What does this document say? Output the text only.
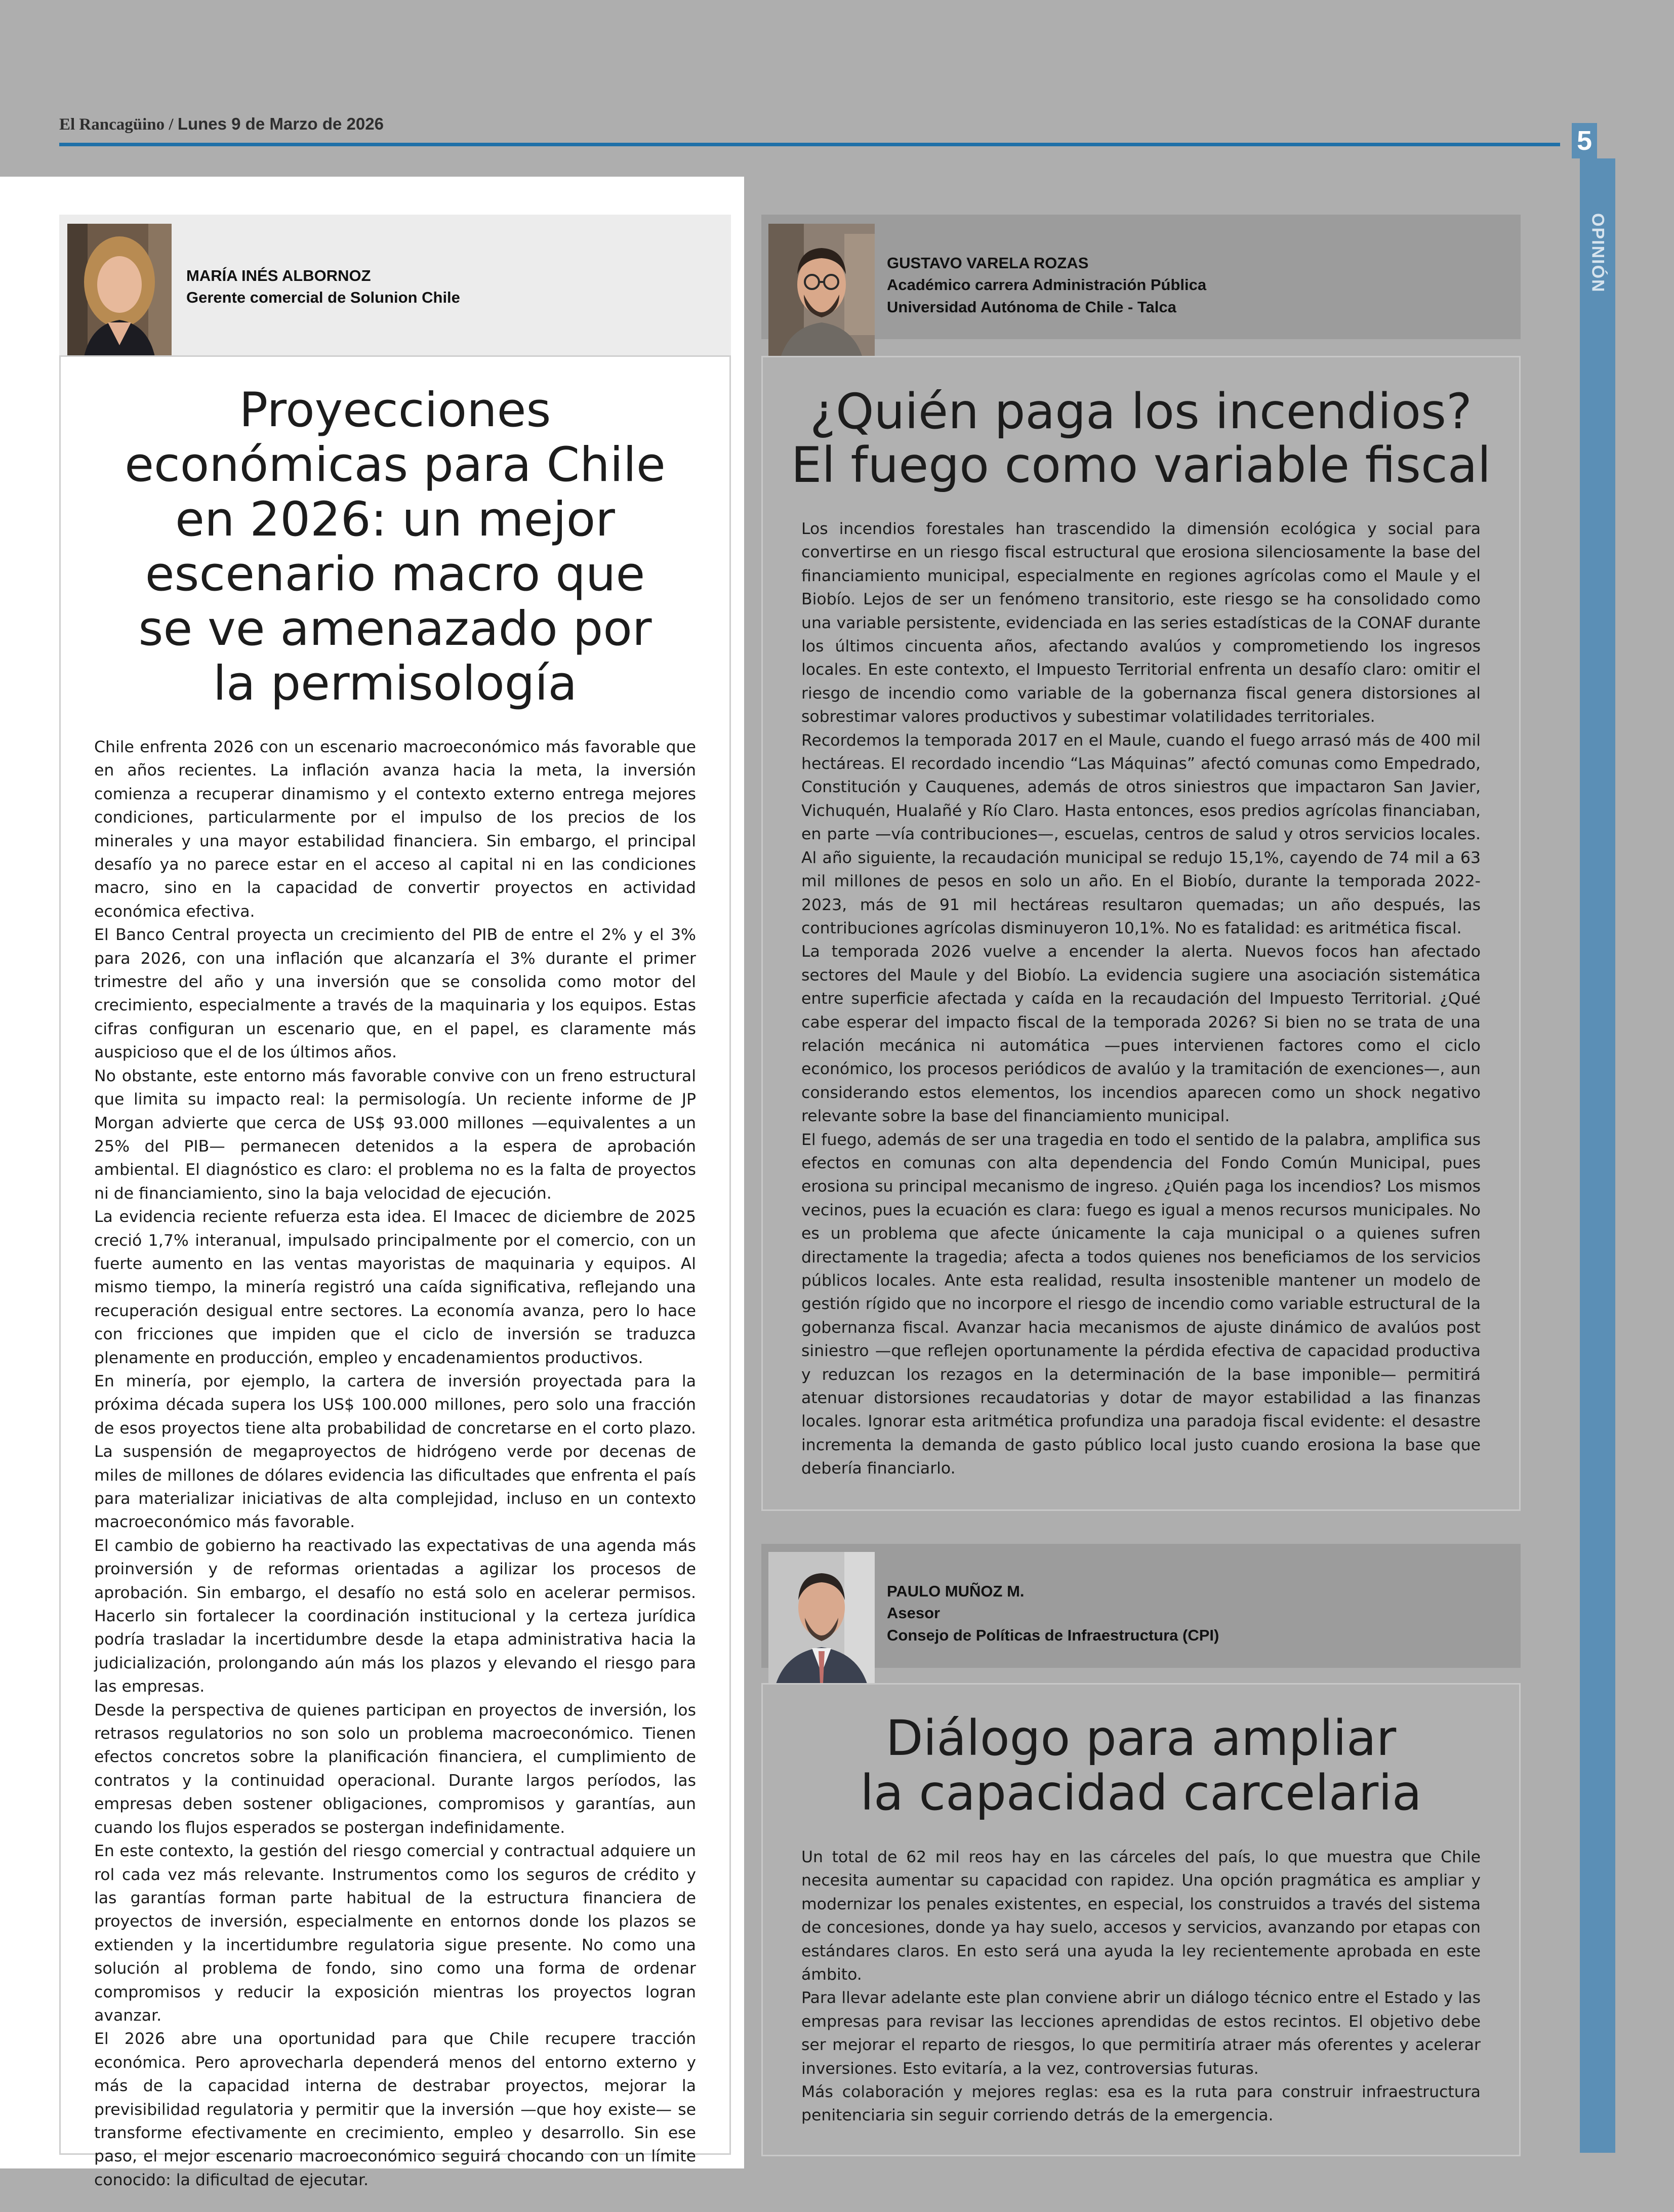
El Rancagüino / Lunes 9 de Marzo de 2026
5
OPINIÓN
MARÍA INÉS ALBORNOZ
Gerente comercial de Solunion Chile
Proyecciones
económicas para Chile
en 2026: un mejor
escenario macro que
se ve amenazado por
la permisología

Chile enfrenta 2026 con un escenario macroeconómico más favorable que en años recientes. La inflación avanza hacia la meta, la inversión comienza a recuperar dinamismo y el contexto externo entrega mejores condiciones, particularmente por el impulso de los precios de los minerales y una mayor estabilidad financiera. Sin embargo, el principal desafío ya no parece estar en el acceso al capital ni en las condiciones macro, sino en la capacidad de convertir proyectos en actividad económica efectiva.

El Banco Central proyecta un crecimiento del PIB de entre el 2% y el 3% para 2026, con una inflación que alcanzaría el 3% durante el primer trimestre del año y una inversión que se consolida como motor del crecimiento, especialmente a través de la maquinaria y los equipos. Estas cifras configuran un escenario que, en el papel, es claramente más auspicioso que el de los últimos años.

No obstante, este entorno más favorable convive con un freno estructural que limita su impacto real: la permisología. Un reciente informe de JP Morgan advierte que cerca de US$ 93.000 millones —equivalentes a un 25% del PIB— permanecen detenidos a la espera de aprobación ambiental. El diagnóstico es claro: el problema no es la falta de proyectos ni de financiamiento, sino la baja velocidad de ejecución.

La evidencia reciente refuerza esta idea. El Imacec de diciembre de 2025 creció 1,7% interanual, impulsado principalmente por el comercio, con un fuerte aumento en las ventas mayoristas de maquinaria y equipos. Al mismo tiempo, la minería registró una caída significativa, reflejando una recuperación desigual entre sectores. La economía avanza, pero lo hace con fricciones que impiden que el ciclo de inversión se traduzca plenamente en producción, empleo y encadenamientos productivos.

En minería, por ejemplo, la cartera de inversión proyectada para la próxima década supera los US$ 100.000 millones, pero solo una fracción de esos proyectos tiene alta probabilidad de concretarse en el corto plazo. La suspensión de megaproyectos de hidrógeno verde por decenas de miles de millones de dólares evidencia las dificultades que enfrenta el país para materializar iniciativas de alta complejidad, incluso en un contexto macroeconómico más favorable.

El cambio de gobierno ha reactivado las expectativas de una agenda más proinversión y de reformas orientadas a agilizar los procesos de aprobación. Sin embargo, el desafío no está solo en acelerar permisos. Hacerlo sin fortalecer la coordinación institucional y la certeza jurídica podría trasladar la incertidumbre desde la etapa administrativa hacia la judicialización, prolongando aún más los plazos y elevando el riesgo para las empresas.

Desde la perspectiva de quienes participan en proyectos de inversión, los retrasos regulatorios no son solo un problema macroeconómico. Tienen efectos concretos sobre la planificación financiera, el cumplimiento de contratos y la continuidad operacional. Durante largos períodos, las empresas deben sostener obligaciones, compromisos y garantías, aun cuando los flujos esperados se postergan indefinidamente.

En este contexto, la gestión del riesgo comercial y contractual adquiere un rol cada vez más relevante. Instrumentos como los seguros de crédito y las garantías forman parte habitual de la estructura financiera de proyectos de inversión, especialmente en entornos donde los plazos se extienden y la incertidumbre regulatoria sigue presente. No como una solución al problema de fondo, sino como una forma de ordenar compromisos y reducir la exposición mientras los proyectos logran avanzar.

El 2026 abre una oportunidad para que Chile recupere tracción económica. Pero aprovecharla dependerá menos del entorno externo y más de la capacidad interna de destrabar proyectos, mejorar la previsibilidad regulatoria y permitir que la inversión —que hoy existe— se transforme efectivamente en crecimiento, empleo y desarrollo. Sin ese paso, el mejor escenario macroeconómico seguirá chocando con un límite conocido: la dificultad de ejecutar.

GUSTAVO VARELA ROZAS
Académico carrera Administración Pública
Universidad Autónoma de Chile - Talca
¿Quién paga los incendios?
El fuego como variable fiscal

Los incendios forestales han trascendido la dimensión ecológica y social para convertirse en un riesgo fiscal estructural que erosiona silenciosamente la base del financiamiento municipal, especialmente en regiones agrícolas como el Maule y el Biobío. Lejos de ser un fenómeno transitorio, este riesgo se ha consolidado como una variable persistente, evidenciada en las series estadísticas de la CONAF durante los últimos cincuenta años, afectando avalúos y comprometiendo los ingresos locales. En este contexto, el Impuesto Territorial enfrenta un desafío claro: omitir el riesgo de incendio como variable de la gobernanza fiscal genera distorsiones al sobrestimar valores productivos y subestimar volatilidades territoriales.

Recordemos la temporada 2017 en el Maule, cuando el fuego arrasó más de 400 mil hectáreas. El recordado incendio “Las Máquinas” afectó comunas como Empedrado, Constitución y Cauquenes, además de otros siniestros que impactaron San Javier, Vichuquén, Hualañé y Río Claro. Hasta entonces, esos predios agrícolas financiaban, en parte —vía contribuciones—, escuelas, centros de salud y otros servicios locales. Al año siguiente, la recaudación municipal se redujo 15,1%, cayendo de 74 mil a 63 mil millones de pesos en solo un año. En el Biobío, durante la temporada 2022-2023, más de 91 mil hectáreas resultaron quemadas; un año después, las contribuciones agrícolas disminuyeron 10,1%. No es fatalidad: es aritmética fiscal.

La temporada 2026 vuelve a encender la alerta. Nuevos focos han afectado sectores del Maule y del Biobío. La evidencia sugiere una asociación sistemática entre superficie afectada y caída en la recaudación del Impuesto Territorial. ¿Qué cabe esperar del impacto fiscal de la temporada 2026? Si bien no se trata de una relación mecánica ni automática —pues intervienen factores como el ciclo económico, los procesos periódicos de avalúo y la tramitación de exenciones—, aun considerando estos elementos, los incendios aparecen como un shock negativo relevante sobre la base del financiamiento municipal.

El fuego, además de ser una tragedia en todo el sentido de la palabra, amplifica sus efectos en comunas con alta dependencia del Fondo Común Municipal, pues erosiona su principal mecanismo de ingreso. ¿Quién paga los incendios? Los mismos vecinos, pues la ecuación es clara: fuego es igual a menos recursos municipales. No es un problema que afecte únicamente la caja municipal o a quienes sufren directamente la tragedia; afecta a todos quienes nos beneficiamos de los servicios públicos locales. Ante esta realidad, resulta insostenible mantener un modelo de gestión rígido que no incorpore el riesgo de incendio como variable estructural de la gobernanza fiscal. Avanzar hacia mecanismos de ajuste dinámico de avalúos post siniestro —que reflejen oportunamente la pérdida efectiva de capacidad productiva y reduzcan los rezagos en la determinación de la base imponible— permitirá atenuar distorsiones recaudatorias y dotar de mayor estabilidad a las finanzas locales. Ignorar esta aritmética profundiza una paradoja fiscal evidente: el desastre incrementa la demanda de gasto público local justo cuando erosiona la base que debería financiarlo.

PAULO MUÑOZ M.
Asesor
Consejo de Políticas de Infraestructura (CPI)
Diálogo para ampliar
la capacidad carcelaria

Un total de 62 mil reos hay en las cárceles del país, lo que muestra que Chile necesita aumentar su capacidad con rapidez. Una opción pragmática es ampliar y modernizar los penales existentes, en especial, los construidos a través del sistema de concesiones, donde ya hay suelo, accesos y servicios, avanzando por etapas con estándares claros. En esto será una ayuda la ley recientemente aprobada en este ámbito.

Para llevar adelante este plan conviene abrir un diálogo técnico entre el Estado y las empresas para revisar las lecciones aprendidas de estos recintos. El objetivo debe ser mejorar el reparto de riesgos, lo que permitiría atraer más oferentes y acelerar inversiones. Esto evitaría, a la vez, controversias futuras.

Más colaboración y mejores reglas: esa es la ruta para construir infraestructura penitenciaria sin seguir corriendo detrás de la emergencia.
